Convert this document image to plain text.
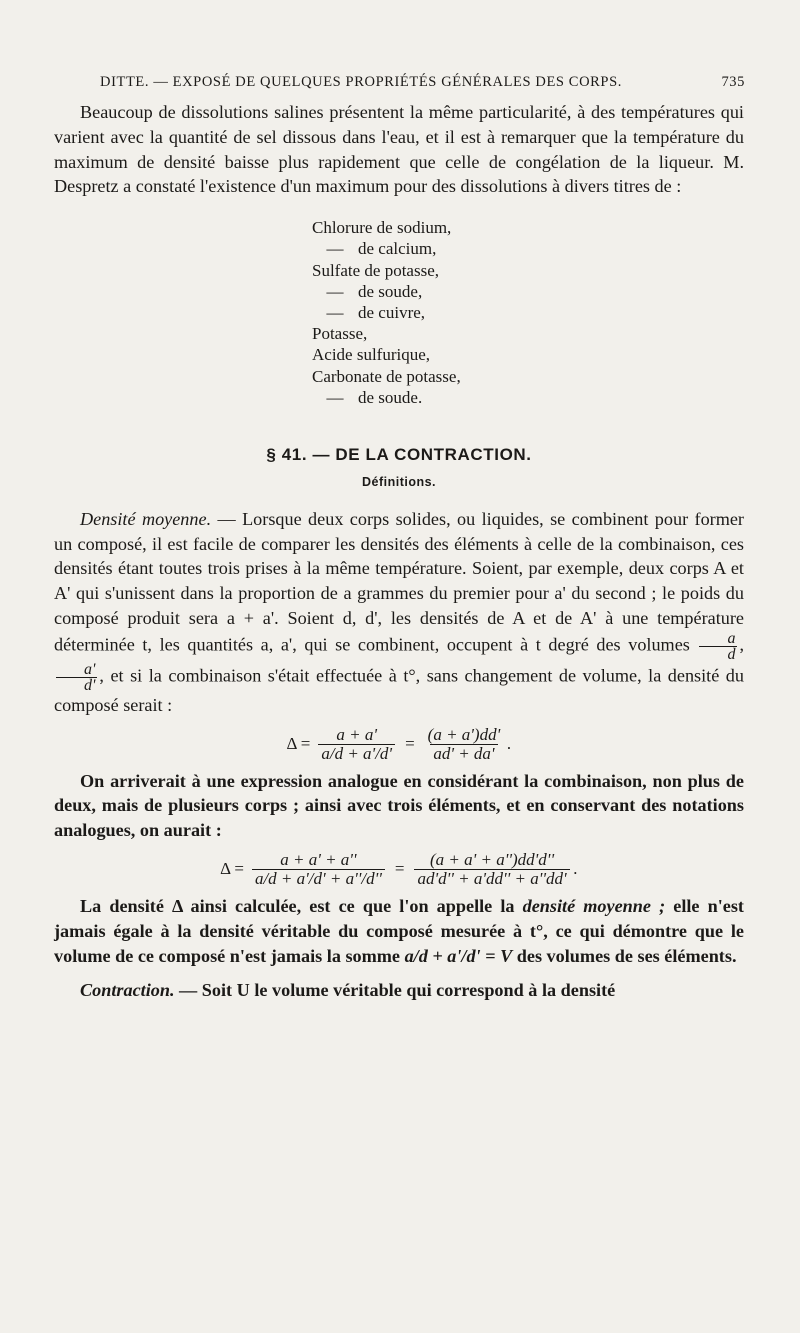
DITTE. — EXPOSÉ DE QUELQUES PROPRIÉTÉS GÉNÉRALES DES CORPS.	735

Beaucoup de dissolutions salines présentent la même particularité, à des températures qui varient avec la quantité de sel dissous dans l'eau, et il est à remarquer que la température du maximum de densité baisse plus rapidement que celle de congélation de la liqueur. M. Despretz a constaté l'existence d'un maximum pour des dissolutions à divers titres de :

Chlorure de sodium,
— de calcium,
Sulfate de potasse,
— de soude,
— de cuivre,
Potasse,
Acide sulfurique,
Carbonate de potasse,
— de soude.
§ 41. — DE LA CONTRACTION.
Définitions.

Densité moyenne. — Lorsque deux corps solides, ou liquides, se combinent pour former un composé, il est facile de comparer les densités des éléments à celle de la combinaison, ces densités étant toutes trois prises à la même température. Soient, par exemple, deux corps A et A' qui s'unissent dans la proportion de a grammes du premier pour a' du second ; le poids du composé produit sera a + a'. Soient d, d', les densités de A et de A' à une température déterminée t, les quantités a, a', qui se combinent, occupent à t degré des volumes $\frac{a}{d}$ ,
$\frac{a'}{d'}$ , et si la combinaison s'était effectuée à t°, sans changement de volume, la densité du composé serait :

$\Delta = \frac{a + a'}{a/d + a'/d'} = \frac{(a + a')dd'}{ad' + da'}$ .

On arriverait à une expression analogue en considérant la combinaison, non plus de deux, mais de plusieurs corps ; ainsi avec trois éléments, et en conservant des notations analogues, on aurait :

$\Delta = \frac{a + a' + a''}{a/d + a'/d' + a''/d''} = \frac{(a + a' + a'')dd'd''}{ad'd'' + a'dd'' + a''dd'}$ .

La densité Δ ainsi calculée, est ce que l'on appelle la densité moyenne ; elle n'est jamais égale à la densité véritable du composé mesurée à t°, ce qui démontre que le volume de ce composé n'est jamais la somme a/d + a'/d' = V des volumes de ses éléments.

Contraction. — Soit U le volume véritable qui correspond à la densité
